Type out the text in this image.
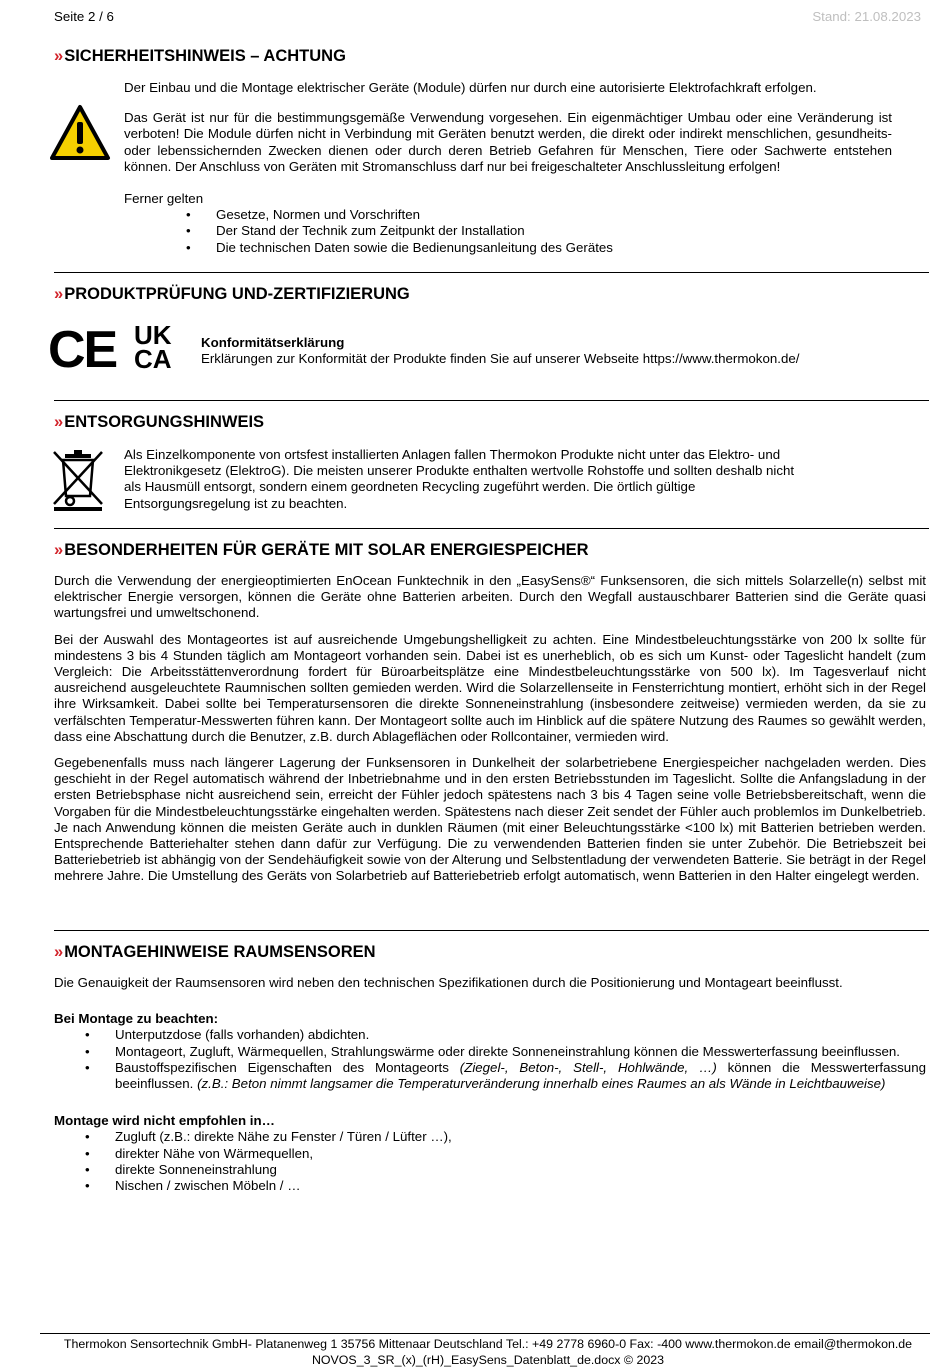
Seite 2 / 6	Stand: 21.08.2023
»SICHERHEITSHINWEIS – ACHTUNG

Der Einbau und die Montage elektrischer Geräte (Module) dürfen nur durch eine autorisierte Elektrofachkraft erfolgen.

Das Gerät ist nur für die bestimmungsgemäße Verwendung vorgesehen. Ein eigenmächtiger Umbau oder eine Veränderung ist verboten! Die Module dürfen nicht in Verbindung mit Geräten benutzt werden, die direkt oder indirekt menschlichen, gesundheits- oder lebenssichernden Zwecken dienen oder durch deren Betrieb Gefahren für Menschen, Tiere oder Sachwerte entstehen können. Der Anschluss von Geräten mit Stromanschluss darf nur bei freigeschalteter Anschlussleitung erfolgen!

Ferner gelten

• Gesetze, Normen und Vorschriften
• Der Stand der Technik zum Zeitpunkt der Installation
• Die technischen Daten sowie die Bedienungsanleitung des Gerätes
»PRODUKTPRÜFUNG UND-ZERTIFIZIERUNG
CE UK
CA

Konformitätserklärung

Erklärungen zur Konformität der Produkte finden Sie auf unserer Webseite https://www.thermokon.de/

»ENTSORGUNGSHINWEIS

Als Einzelkomponente von ortsfest installierten Anlagen fallen Thermokon Produkte nicht unter das Elektro- und

Elektronikgesetz (ElektroG). Die meisten unserer Produkte enthalten wertvolle Rohstoffe und sollten deshalb nicht

als Hausmüll entsorgt, sondern einem geordneten Recycling zugeführt werden. Die örtlich gültige

Entsorgungsregelung ist zu beachten.

»BESONDERHEITEN FÜR GERÄTE MIT SOLAR ENERGIESPEICHER

Durch die Verwendung der energieoptimierten EnOcean Funktechnik in den „EasySens®“ Funksensoren, die sich mittels Solarzelle(n) selbst mit elektrischer Energie versorgen, können die Geräte ohne Batterien arbeiten. Durch den Wegfall austauschbarer Batterien sind die Geräte quasi wartungsfrei und umweltschonend.

Bei der Auswahl des Montageortes ist auf ausreichende Umgebungshelligkeit zu achten. Eine Mindestbeleuchtungsstärke von 200 lx sollte für mindestens 3 bis 4 Stunden täglich am Montageort vorhanden sein. Dabei ist es unerheblich, ob es sich um Kunst- oder Tageslicht handelt (zum Vergleich: Die Arbeitsstättenverordnung fordert für Büroarbeitsplätze eine Mindestbeleuchtungsstärke von 500 lx). Im Tagesverlauf nicht ausreichend ausgeleuchtete Raumnischen sollten gemieden werden. Wird die Solarzellenseite in Fensterrichtung montiert, erhöht sich in der Regel ihre Wirksamkeit. Dabei sollte bei Temperatursensoren die direkte Sonneneinstrahlung (insbesondere zeitweise) vermieden werden, da sie zu verfälschten Temperatur-Messwerten führen kann. Der Montageort sollte auch im Hinblick auf die spätere Nutzung des Raumes so gewählt werden, dass eine Abschattung durch die Benutzer, z.B. durch Ablageflächen oder Rollcontainer, vermieden wird.

Gegebenenfalls muss nach längerer Lagerung der Funksensoren in Dunkelheit der solarbetriebene Energiespeicher nachgeladen werden. Dies geschieht in der Regel automatisch während der Inbetriebnahme und in den ersten Betriebsstunden im Tageslicht. Sollte die Anfangsladung in der ersten Betriebsphase nicht ausreichend sein, erreicht der Fühler jedoch spätestens nach 3 bis 4 Tagen seine volle Betriebsbereitschaft, wenn die Vorgaben für die Mindestbeleuchtungsstärke eingehalten werden. Spätestens nach dieser Zeit sendet der Fühler auch problemlos im Dunkelbetrieb. Je nach Anwendung können die meisten Geräte auch in dunklen Räumen (mit einer Beleuchtungsstärke <100 lx) mit Batterien betrieben werden. Entsprechende Batteriehalter stehen dann dafür zur Verfügung. Die zu verwendenden Batterien finden sie unter Zubehör. Die Betriebszeit bei Batteriebetrieb ist abhängig von der Sendehäufigkeit sowie von der Alterung und Selbstentladung der verwendeten Batterie. Sie beträgt in der Regel mehrere Jahre. Die Umstellung des Geräts von Solarbetrieb auf Batteriebetrieb erfolgt automatisch, wenn Batterien in den Halter eingelegt werden.

»MONTAGEHINWEISE RAUMSENSOREN

Die Genauigkeit der Raumsensoren wird neben den technischen Spezifikationen durch die Positionierung und Montageart beeinflusst.

Bei Montage zu beachten:

• Unterputzdose (falls vorhanden) abdichten.
• Montageort, Zugluft, Wärmequellen, Strahlungswärme oder direkte Sonneneinstrahlung können die Messwerterfassung beeinflussen.
• Baustoffspezifischen Eigenschaften des Montageorts (Ziegel-, Beton-, Stell-, Hohlwände, …) können die Messwerterfassung beeinflussen. (z.B.: Beton nimmt langsamer die Temperaturveränderung innerhalb eines Raumes an als Wände in Leichtbauweise)

Montage wird nicht empfohlen in…

• Zugluft (z.B.: direkte Nähe zu Fenster / Türen / Lüfter …),
• direkter Nähe von Wärmequellen,
• direkte Sonneneinstrahlung
• Nischen / zwischen Möbeln / …
Thermokon Sensortechnik GmbH- Platanenweg 1 35756 Mittenaar Deutschland Tel.: +49 2778 6960-0 Fax: -400 www.thermokon.de email@thermokon.de
NOVOS_3_SR_(x)_(rH)_EasySens_Datenblatt_de.docx © 2023
